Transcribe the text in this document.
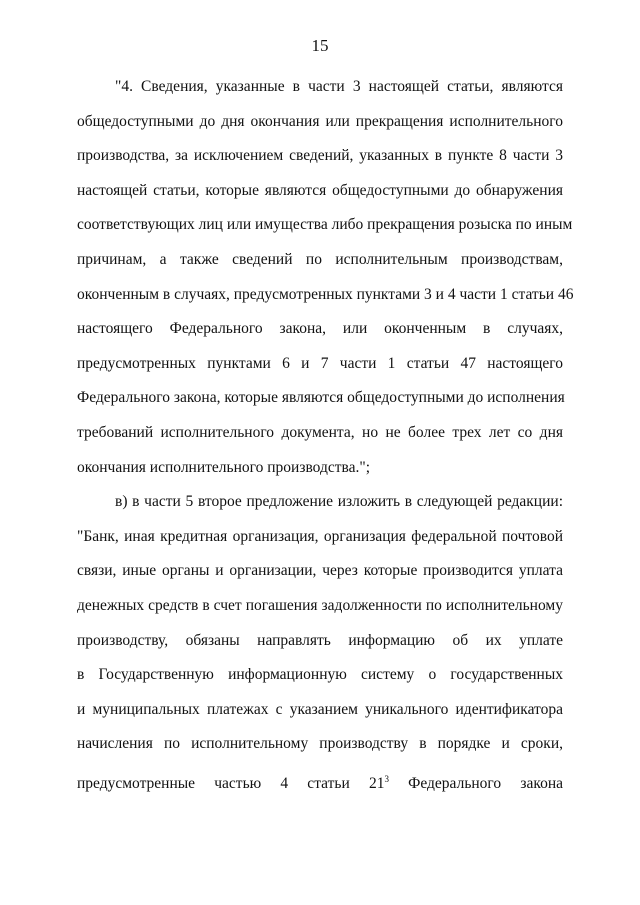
15
"4. Сведения, указанные в части 3 настоящей статьи, являются
общедоступными до дня окончания или прекращения исполнительного
производства, за исключением сведений, указанных в пункте 8 части 3
настоящей статьи, которые являются общедоступными до обнаружения
соответствующих лиц или имущества либо прекращения розыска по иным
причинам, а также сведений по исполнительным производствам,
оконченным в случаях, предусмотренных пунктами 3 и 4 части 1 статьи 46
настоящего Федерального закона, или оконченным в случаях,
предусмотренных пунктами 6 и 7 части 1 статьи 47 настоящего
Федерального закона, которые являются общедоступными до исполнения
требований исполнительного документа, но не более трех лет со дня
окончания исполнительного производства.";
в) в части 5 второе предложение изложить в следующей редакции:
"Банк, иная кредитная организация, организация федеральной почтовой
связи, иные органы и организации, через которые производится уплата
денежных средств в счет погашения задолженности по исполнительному
производству, обязаны направлять информацию об их уплате
в Государственную информационную систему о государственных
и муниципальных платежах с указанием уникального идентификатора
начисления по исполнительному производству в порядке и сроки,
предусмотренные частью 4 статьи $21^3$ Федерального закона
